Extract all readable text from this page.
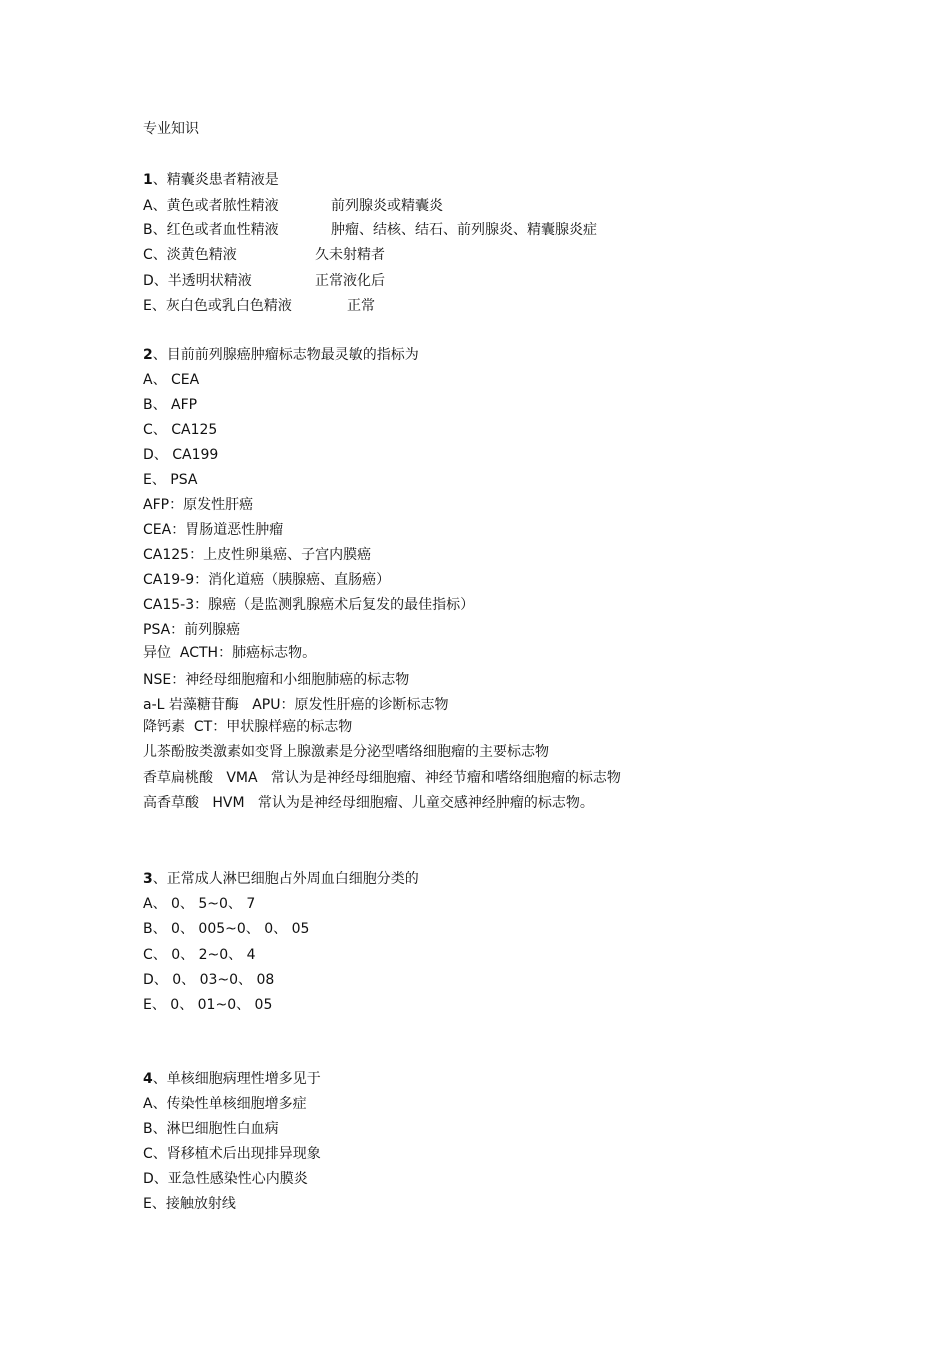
专业知识

1、精囊炎患者精液是

A、黄色或者脓性精液	前列腺炎或精囊炎

B、红色或者血性精液	肿瘤、结核、结石、前列腺炎、精囊腺炎症

C、淡黄色精液	久未射精者

D、半透明状精液	正常液化后

E、灰白色或乳白色精液	正常

2、目前前列腺癌肿瘤标志物最灵敏的指标为

A、 CEA

B、 AFP

C、 CA125

D、 CA199

E、 PSA

AFP：原发性肝癌

CEA：胃肠道恶性肿瘤

CA125：上皮性卵巢癌、子宫内膜癌

CA19-9：消化道癌（胰腺癌、直肠癌）

CA15-3：腺癌（是监测乳腺癌术后复发的最佳指标）

PSA：前列腺癌

异位  ACTH：肺癌标志物。

NSE：神经母细胞瘤和小细胞肺癌的标志物

a-L 岩藻糖苷酶   APU：原发性肝癌的诊断标志物

降钙素  CT：甲状腺样癌的标志物

儿茶酚胺类激素如变肾上腺激素是分泌型嗜络细胞瘤的主要标志物

香草扁桃酸   VMA   常认为是神经母细胞瘤、神经节瘤和嗜络细胞瘤的标志物

高香草酸   HVM   常认为是神经母细胞瘤、儿童交感神经肿瘤的标志物。

3、正常成人淋巴细胞占外周血白细胞分类的

A、 0、 5~0、 7

B、 0、 005~0、 0、 05

C、 0、 2~0、 4

D、 0、 03~0、 08

E、 0、 01~0、 05

4、单核细胞病理性增多见于

A、传染性单核细胞增多症

B、淋巴细胞性白血病

C、肾移植术后出现排异现象

D、亚急性感染性心内膜炎

E、接触放射线
